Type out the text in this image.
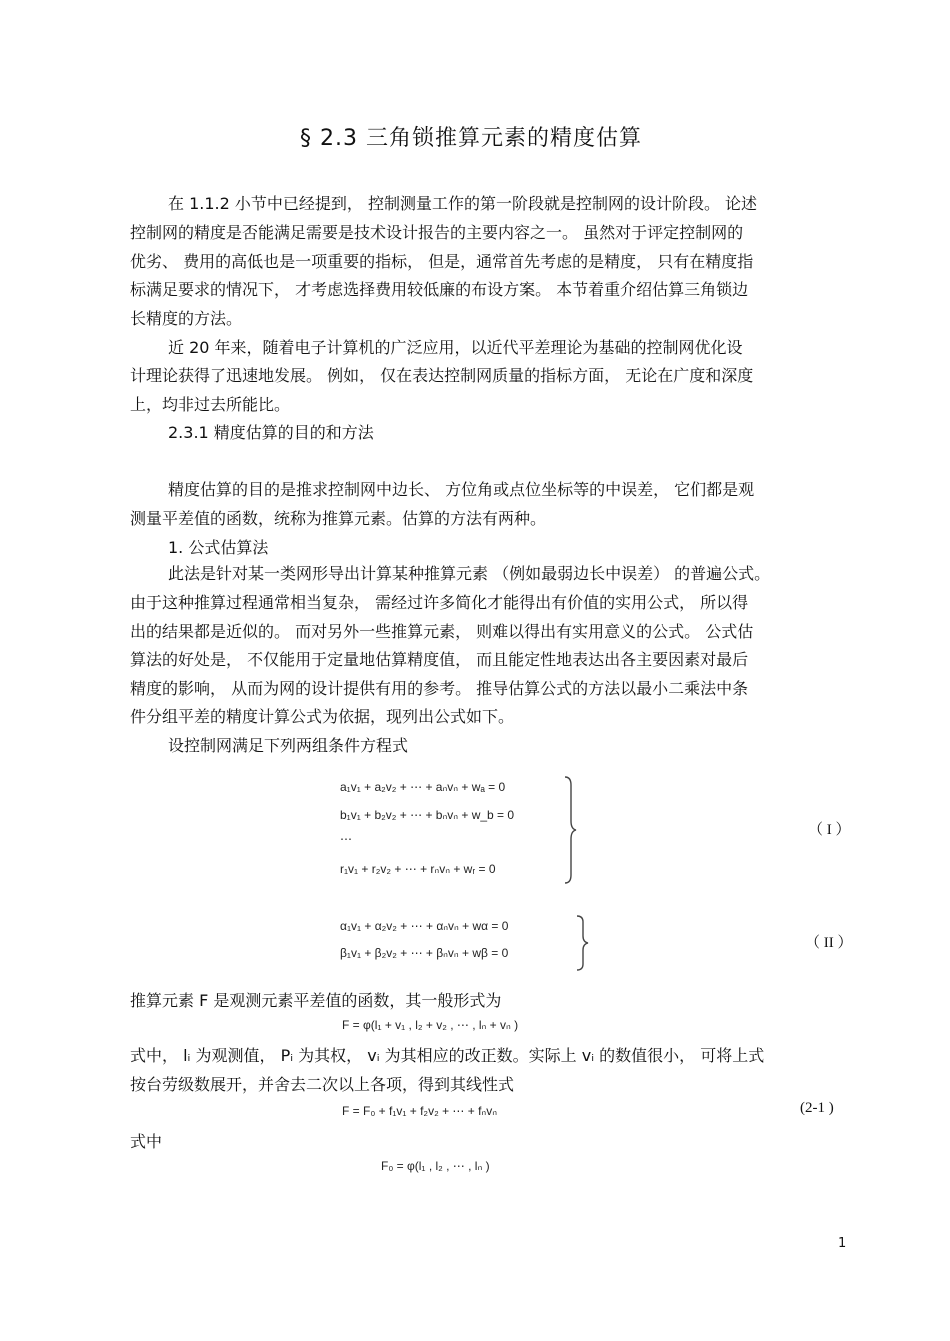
§ 2.3 三角锁推算元素的精度估算
在 1.1.2 小节中已经提到， 控制测量工作的第一阶段就是控制网的设计阶段。 论述
控制网的精度是否能满足需要是技术设计报告的主要内容之一。 虽然对于评定控制网的
优劣、 费用的高低也是一项重要的指标， 但是，通常首先考虑的是精度， 只有在精度指
标满足要求的情况下， 才考虑选择费用较低廉的布设方案。 本节着重介绍估算三角锁边
长精度的方法。
近 20 年来，随着电子计算机的广泛应用，以近代平差理论为基础的控制网优化设
计理论获得了迅速地发展。 例如， 仅在表达控制网质量的指标方面， 无论在广度和深度
上，均非过去所能比。
2.3.1 精度估算的目的和方法
精度估算的目的是推求控制网中边长、 方位角或点位坐标等的中误差， 它们都是观
测量平差值的函数，统称为推算元素。估算的方法有两种。
1. 公式估算法
此法是针对某一类网形导出计算某种推算元素 （例如最弱边长中误差） 的普遍公式。
由于这种推算过程通常相当复杂， 需经过许多简化才能得出有价值的实用公式， 所以得
出的结果都是近似的。 而对另外一些推算元素， 则难以得出有实用意义的公式。 公式估
算法的好处是， 不仅能用于定量地估算精度值， 而且能定性地表达出各主要因素对最后
精度的影响， 从而为网的设计提供有用的参考。 推导估算公式的方法以最小二乘法中条
件分组平差的精度计算公式为依据，现列出公式如下。
设控制网满足下列两组条件方程式
a₁v₁ + a₂v₂ + ⋯ + aₙvₙ + wₐ = 0
b₁v₁ + b₂v₂ + ⋯ + bₙvₙ + w_b = 0
⋯
r₁v₁ + r₂v₂ + ⋯ + rₙvₙ + wᵣ = 0
（ I ）
α₁v₁ + α₂v₂ + ⋯ + αₙvₙ + wα = 0
β₁v₁ + β₂v₂ + ⋯ + βₙvₙ + wβ = 0
（ II ）
推算元素 F 是观测元素平差值的函数，其一般形式为
F = φ(l₁ + v₁ , l₂ + v₂ , ⋯ , lₙ + vₙ )
式中， lᵢ 为观测值， Pᵢ 为其权， vᵢ 为其相应的改正数。实际上 vᵢ 的数值很小， 可将上式
按台劳级数展开，并舍去二次以上各项，得到其线性式
F = F₀ + f₁v₁ + f₂v₂ + ⋯ + fₙvₙ	(2-1 )
式中
F₀ = φ(l₁ , l₂ , ⋯ , lₙ )
1
